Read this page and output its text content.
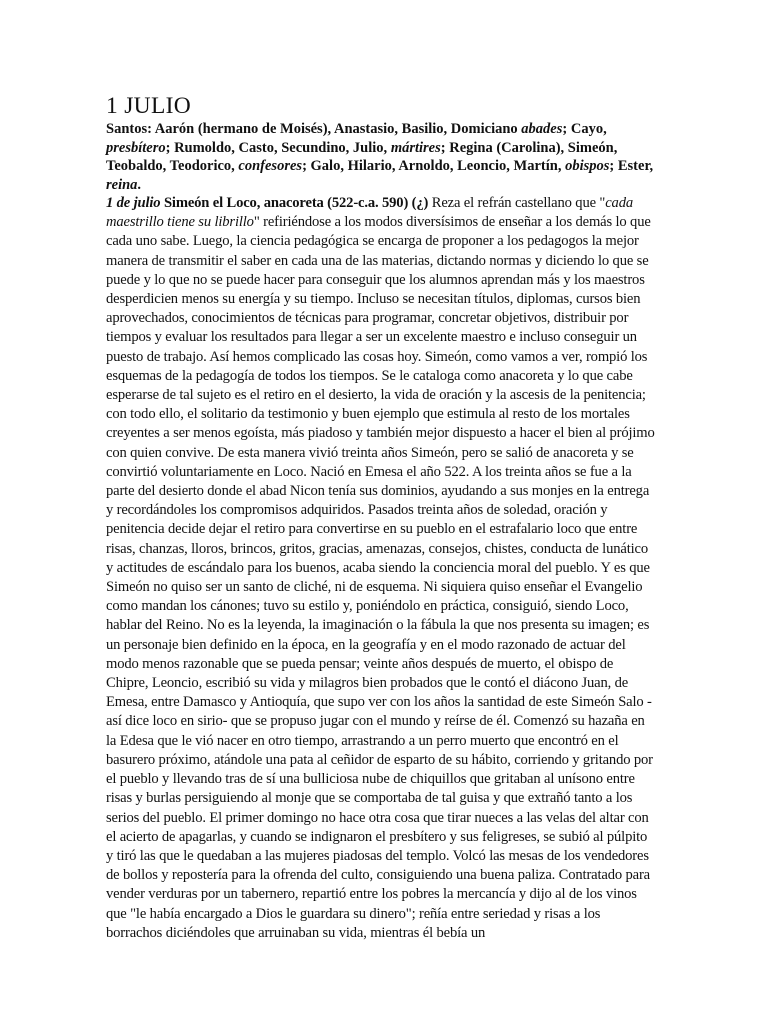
1 JULIO

Santos: Aarón (hermano de Moisés), Anastasio, Basilio, Domiciano abades; Cayo, presbítero; Rumoldo, Casto, Secundino, Julio, mártires; Regina (Carolina), Simeón, Teobaldo, Teodorico, confesores; Galo, Hilario, Arnoldo, Leoncio, Martín, obispos; Ester, reina.

1 de julio Simeón el Loco, anacoreta (522-c.a. 590) (¿) Reza el refrán castellano que "cada maestrillo tiene su librillo" refiriéndose a los modos diversísimos de enseñar a los demás lo que cada uno sabe. Luego, la ciencia pedagógica se encarga de proponer a los pedagogos la mejor manera de transmitir el saber en cada una de las materias, dictando normas y diciendo lo que se puede y lo que no se puede hacer para conseguir que los alumnos aprendan más y los maestros desperdicien menos su energía y su tiempo. Incluso se necesitan títulos, diplomas, cursos bien aprovechados, conocimientos de técnicas para programar, concretar objetivos, distribuir por tiempos y evaluar los resultados para llegar a ser un excelente maestro e incluso conseguir un puesto de trabajo. Así hemos complicado las cosas hoy. Simeón, como vamos a ver, rompió los esquemas de la pedagogía de todos los tiempos. Se le cataloga como anacoreta y lo que cabe esperarse de tal sujeto es el retiro en el desierto, la vida de oración y la ascesis de la penitencia; con todo ello, el solitario da testimonio y buen ejemplo que estimula al resto de los mortales creyentes a ser menos egoísta, más piadoso y también mejor dispuesto a hacer el bien al prójimo con quien convive. De esta manera vivió treinta años Simeón, pero se salió de anacoreta y se convirtió voluntariamente en Loco. Nació en Emesa el año 522. A los treinta años se fue a la parte del desierto donde el abad Nicon tenía sus dominios, ayudando a sus monjes en la entrega y recordándoles los compromisos adquiridos. Pasados treinta años de soledad, oración y penitencia decide dejar el retiro para convertirse en su pueblo en el estrafalario loco que entre risas, chanzas, lloros, brincos, gritos, gracias, amenazas, consejos, chistes, conducta de lunático y actitudes de escándalo para los buenos, acaba siendo la conciencia moral del pueblo. Y es que Simeón no quiso ser un santo de cliché, ni de esquema. Ni siquiera quiso enseñar el Evangelio como mandan los cánones; tuvo su estilo y, poniéndolo en práctica, consiguió, siendo Loco, hablar del Reino. No es la leyenda, la imaginación o la fábula la que nos presenta su imagen; es un personaje bien definido en la época, en la geografía y en el modo razonado de actuar del modo menos razonable que se pueda pensar; veinte años después de muerto, el obispo de Chipre, Leoncio, escribió su vida y milagros bien probados que le contó el diácono Juan, de Emesa, entre Damasco y Antioquía, que supo ver con los años la santidad de este Simeón Salo -así dice loco en sirio- que se propuso jugar con el mundo y reírse de él. Comenzó su hazaña en la Edesa que le vió nacer en otro tiempo, arrastrando a un perro muerto que encontró en el basurero próximo, atándole una pata al ceñidor de esparto de su hábito, corriendo y gritando por el pueblo y llevando tras de sí una bulliciosa nube de chiquillos que gritaban al unísono entre risas y burlas persiguiendo al monje que se comportaba de tal guisa y que extrañó tanto a los serios del pueblo. El primer domingo no hace otra cosa que tirar nueces a las velas del altar con el acierto de apagarlas, y cuando se indignaron el presbítero y sus feligreses, se subió al púlpito y tiró las que le quedaban a las mujeres piadosas del templo. Volcó las mesas de los vendedores de bollos y repostería para la ofrenda del culto, consiguiendo una buena paliza. Contratado para vender verduras por un tabernero, repartió entre los pobres la mercancía y dijo al de los vinos que "le había encargado a Dios le guardara su dinero"; reñía entre seriedad y risas a los borrachos diciéndoles que arruinaban su vida, mientras él bebía un
